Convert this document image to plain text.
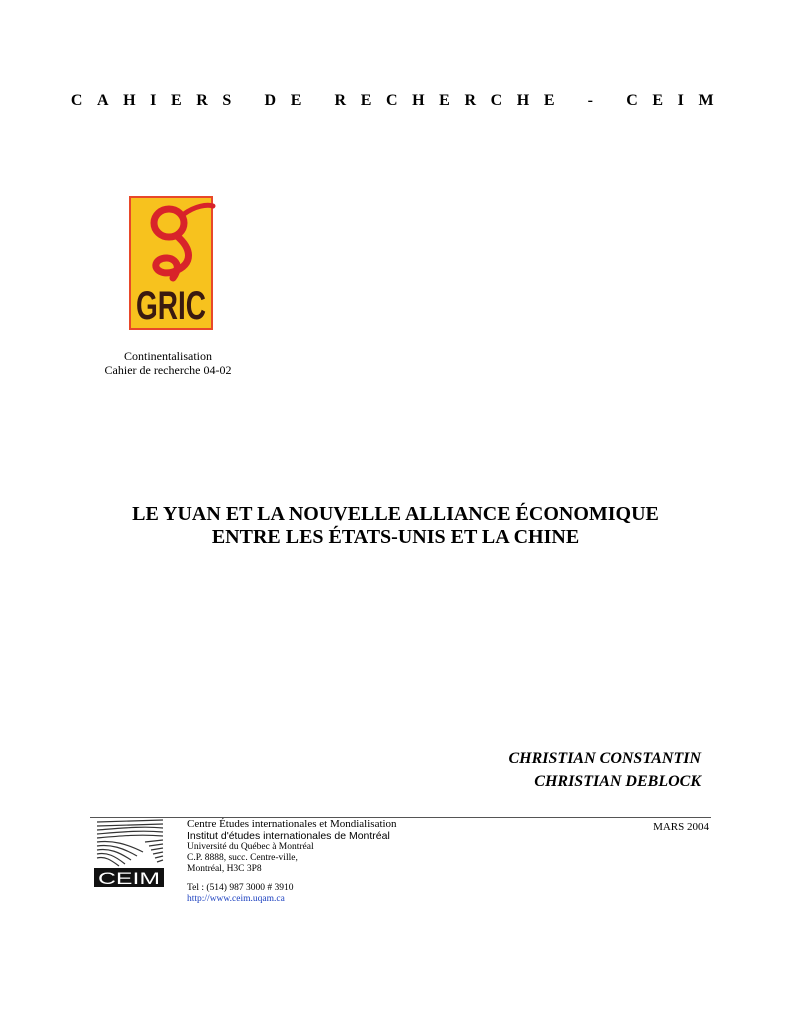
CAHIERS DE RECHERCHE - CEIM
GRIC
Continentalisation
Cahier de recherche 04-02
LE YUAN ET LA NOUVELLE ALLIANCE ÉCONOMIQUE
ENTRE LES ÉTATS-UNIS ET LA CHINE
CHRISTIAN CONSTANTIN
CHRISTIAN DEBLOCK
CEIM
Centre Études internationales et Mondialisation
Institut d'études internationales de Montréal
Université du Québec à Montréal
C.P. 8888, succ. Centre-ville,
Montréal, H3C 3P8
Tel : (514) 987 3000 # 3910
http://www.ceim.uqam.ca
MARS 2004
